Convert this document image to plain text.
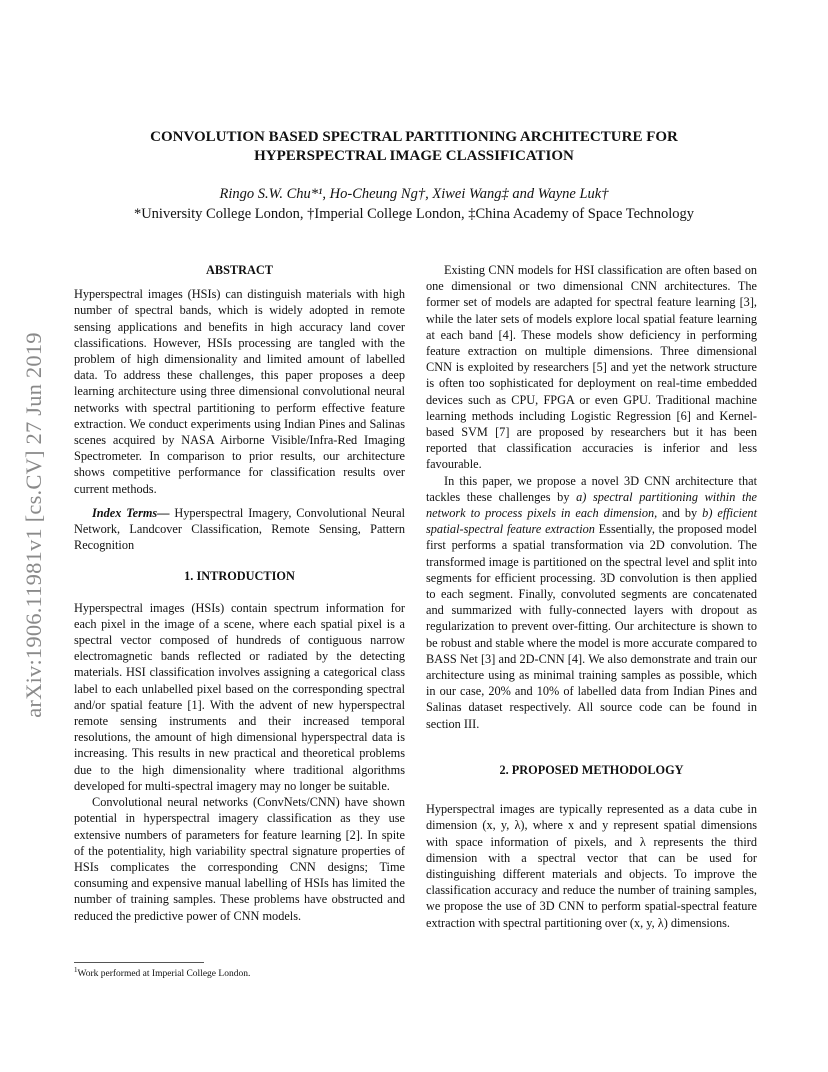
arXiv:1906.11981v1 [cs.CV] 27 Jun 2019
CONVOLUTION BASED SPECTRAL PARTITIONING ARCHITECTURE FOR
HYPERSPECTRAL IMAGE CLASSIFICATION
Ringo S.W. Chu*¹, Ho-Cheung Ng†, Xiwei Wang‡ and Wayne Luk†
*University College London, †Imperial College London, ‡China Academy of Space Technology
ABSTRACT

Hyperspectral images (HSIs) can distinguish materials with high number of spectral bands, which is widely adopted in remote sensing applications and benefits in high accuracy land cover classifications. However, HSIs processing are tangled with the problem of high dimensionality and limited amount of labelled data. To address these challenges, this paper proposes a deep learning architecture using three dimensional convolutional neural networks with spectral partitioning to perform effective feature extraction. We conduct experiments using Indian Pines and Salinas scenes acquired by NASA Airborne Visible/Infra-Red Imaging Spectrometer. In comparison to prior results, our architecture shows competitive performance for classification results over current methods.

Index Terms— Hyperspectral Imagery, Convolutional Neural Network, Landcover Classification, Remote Sensing, Pattern Recognition

1. INTRODUCTION

Hyperspectral images (HSIs) contain spectrum information for each pixel in the image of a scene, where each spatial pixel is a spectral vector composed of hundreds of contiguous narrow electromagnetic bands reflected or radiated by the detecting materials. HSI classification involves assigning a categorical class label to each unlabelled pixel based on the corresponding spectral and/or spatial feature [1]. With the advent of new hyperspectral remote sensing instruments and their increased temporal resolutions, the amount of high dimensional hyperspectral data is increasing. This results in new practical and theoretical problems due to the high dimensionality where traditional algorithms developed for multi-spectral imagery may no longer be suitable.

Convolutional neural networks (ConvNets/CNN) have shown potential in hyperspectral imagery classification as they use extensive numbers of parameters for feature learning [2]. In spite of the potentiality, high variability spectral signature properties of HSIs complicates the corresponding CNN designs; Time consuming and expensive manual labelling of HSIs has limited the number of training samples. These problems have obstructed and reduced the predictive power of CNN models.

Existing CNN models for HSI classification are often based on one dimensional or two dimensional CNN architectures. The former set of models are adapted for spectral feature learning [3], while the later sets of models explore local spatial feature learning at each band [4]. These models show deficiency in performing feature extraction on multiple dimensions. Three dimensional CNN is exploited by researchers [5] and yet the network structure is often too sophisticated for deployment on real-time embedded devices such as CPU, FPGA or even GPU. Traditional machine learning methods including Logistic Regression [6] and Kernel-based SVM [7] are proposed by researchers but it has been reported that classification accuracies is inferior and less favourable.

In this paper, we propose a novel 3D CNN architecture that tackles these challenges by a) spectral partitioning within the network to process pixels in each dimension, and by b) efficient spatial-spectral feature extraction Essentially, the proposed model first performs a spatial transformation via 2D convolution. The transformed image is partitioned on the spectral level and split into segments for efficient processing. 3D convolution is then applied to each segment. Finally, convoluted segments are concatenated and summarized with fully-connected layers with dropout as regularization to prevent over-fitting. Our architecture is shown to be robust and stable where the model is more accurate compared to BASS Net [3] and 2D-CNN [4]. We also demonstrate and train our architecture using as minimal training samples as possible, which in our case, 20% and 10% of labelled data from Indian Pines and Salinas dataset respectively. All source code can be found in section III.

2. PROPOSED METHODOLOGY

Hyperspectral images are typically represented as a data cube in dimension (x, y, λ), where x and y represent spatial dimensions with space information of pixels, and λ represents the third dimension with a spectral vector that can be used for distinguishing different materials and objects. To improve the classification accuracy and reduce the number of training samples, we propose the use of 3D CNN to perform spatial-spectral feature extraction with spectral partitioning over (x, y, λ) dimensions.

$^1$Work performed at Imperial College London.
